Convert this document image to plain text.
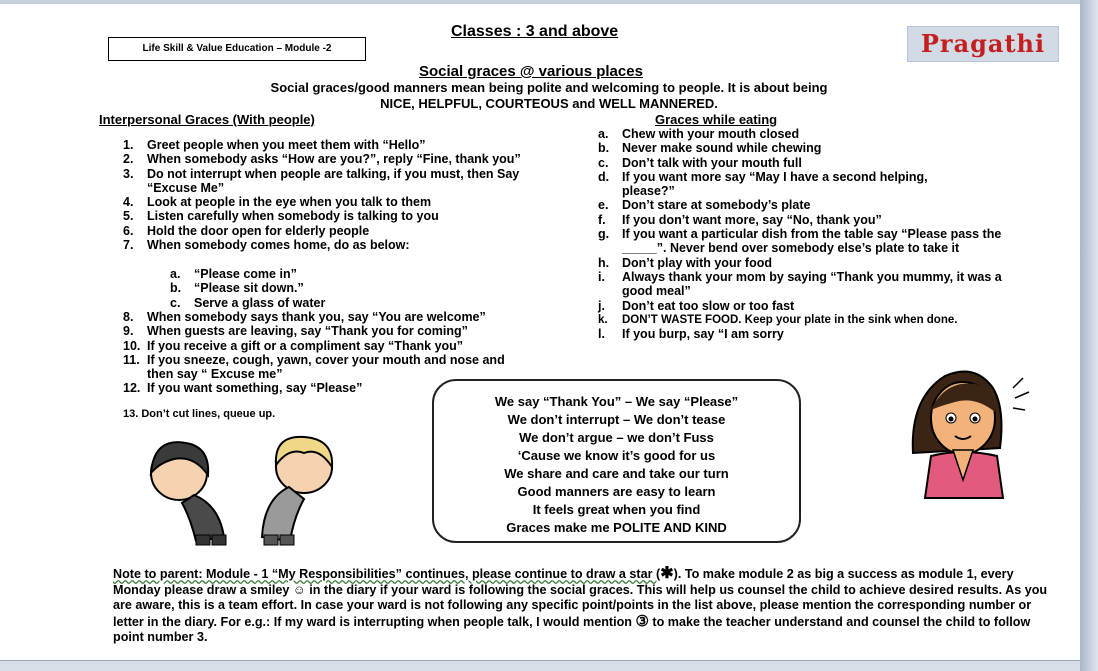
Life Skill & Value Education – Module -2
Classes : 3 and above	Pragathi
Social graces @ various places
Social graces/good manners mean being polite and welcoming to people. It is about being
NICE, HELPFUL, COURTEOUS and WELL MANNERED.
Interpersonal Graces (With people)
1. Greet people when you meet them with “Hello”
2. When somebody asks “How are you?”, reply “Fine, thank you”
3. Do not interrupt when people are talking, if you must, then Say “Excuse Me”
4. Look at people in the eye when you talk to them
5. Listen carefully when somebody is talking to you
6. Hold the door open for elderly people
7. When somebody comes home, do as below:
a. “Please come in”
b. “Please sit down.”
c. Serve a glass of water
8. When somebody says thank you, say “You are welcome”
9. When guests are leaving, say “Thank you for coming”
10. If you receive a gift or a compliment say “Thank you”
11. If you sneeze, cough, yawn, cover your mouth and nose and then say “ Excuse me”
12. If you want something, say “Please”
13. Don’t cut lines, queue up.
Graces while eating
a. Chew with your mouth closed
b. Never make sound while chewing
c. Don’t talk with your mouth full
d. If you want more say “May I have a second helping, please?”
e. Don’t stare at somebody’s plate
f. If you don’t want more, say “No, thank you”
g. If you want a particular dish from the table say “Please pass the _____”. Never bend over somebody else’s plate to take it
h. Don’t play with your food
i. Always thank your mom by saying “Thank you mummy, it was a good meal”
j. Don’t eat too slow or too fast
k. DON’T WASTE FOOD. Keep your plate in the sink when done.
l. If you burp, say “I am sorry
We say “Thank You” – We say “Please”
We don’t interrupt – We don’t tease
We don’t argue – we don’t Fuss
‘Cause we know it’s good for us
We share and care and take our turn
Good manners are easy to learn
It feels great when you find
Graces make me POLITE AND KIND
Note to parent: Module - 1 “My Responsibilities” continues, please continue to draw a star (✱). To make module 2 as big a success as module 1, every Monday please draw a smiley ☺ in the diary if your ward is following the social graces. This will help us counsel the child to achieve desired results. As you are aware, this is a team effort. In case your ward is not following any specific point/points in the list above, please mention the corresponding number or letter in the diary. For e.g.: If my ward is interrupting when people talk, I would mention ③ to make the teacher understand and counsel the child to follow point number 3.
